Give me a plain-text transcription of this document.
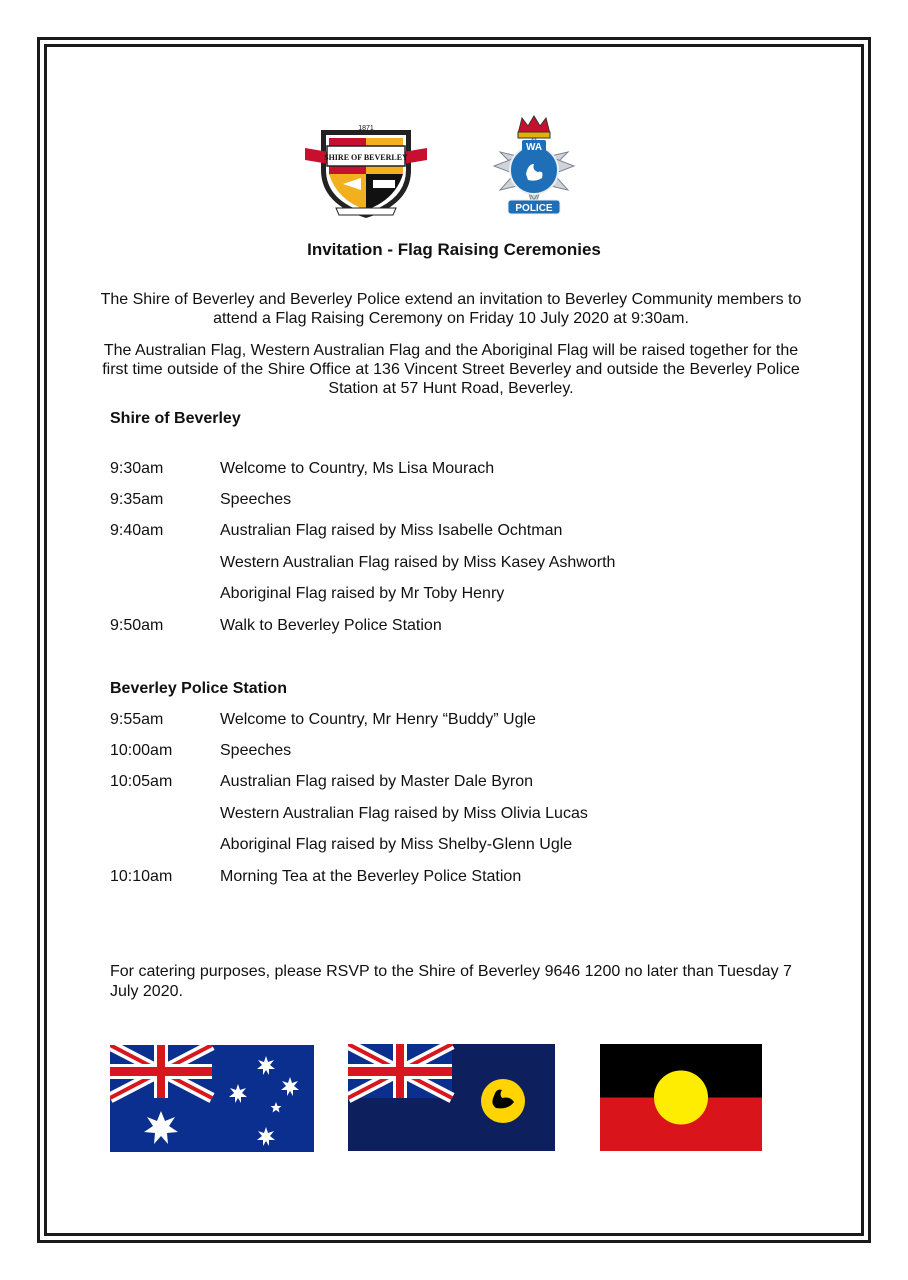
SHIRE OF BEVERLEY
1871
WA
POLICE
Invitation - Flag Raising Ceremonies
The Shire of Beverley and Beverley Police extend an invitation to Beverley Community members to attend a Flag Raising Ceremony on Friday 10 July 2020 at 9:30am.
The Australian Flag, Western Australian Flag and the Aboriginal Flag will be raised together for the first time outside of the Shire Office at 136 Vincent Street Beverley and outside the Beverley Police Station at 57 Hunt Road, Beverley.
Shire of Beverley
9:30am	Welcome to Country, Ms Lisa Mourach
9:35am	Speeches
9:40am	Australian Flag raised by Miss Isabelle Ochtman
Western Australian Flag raised by Miss Kasey Ashworth
Aboriginal Flag raised by Mr Toby Henry
9:50am	Walk to Beverley Police Station
Beverley Police Station
9:55am	Welcome to Country, Mr Henry “Buddy” Ugle
10:00am	Speeches
10:05am	Australian Flag raised by Master Dale Byron
Western Australian Flag raised by Miss Olivia Lucas
Aboriginal Flag raised by Miss Shelby-Glenn Ugle
10:10am	Morning Tea at the Beverley Police Station
For catering purposes, please RSVP to the Shire of Beverley 9646 1200 no later than Tuesday 7 July 2020.
